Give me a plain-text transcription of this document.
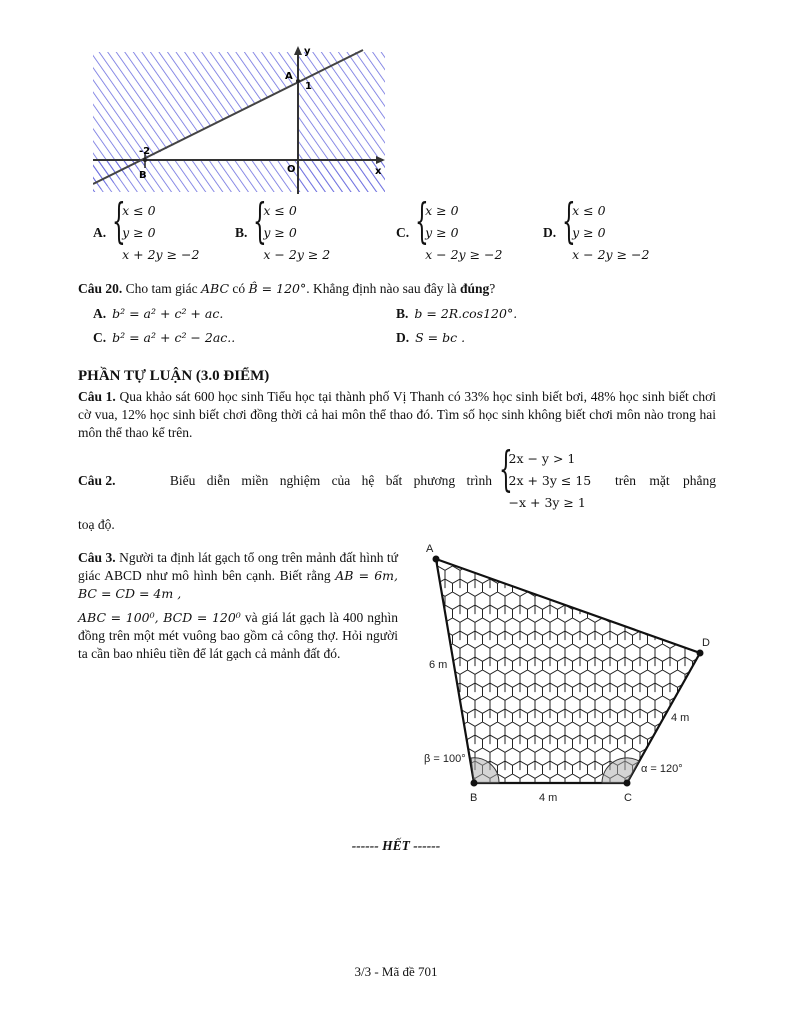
y
A
1
-2
B
O	x
A. {
x ≤ 0
y ≥ 0
x + 2y ≥ −2
B. {
x ≤ 0
y ≥ 0
x − 2y ≥ 2
C. {
x ≥ 0
y ≥ 0
x − 2y ≥ −2
D. {
x ≤ 0
y ≥ 0
x − 2y ≥ −2
Câu 20. Cho tam giác ABC có B̂ = 120°. Khẳng định nào sau đây là đúng?
A. b² = a² + c² + ac.	B. b = 2R.cos120°.
C. b² = a² + c² − 2ac..	D. S = bc .
PHẦN TỰ LUẬN (3.0 ĐIỂM)
Câu 1. Qua khảo sát 600 học sinh Tiểu học tại thành phố Vị Thanh có 33% học sinh biết bơi, 48% học sinh biết chơi cờ vua, 12% học sinh biết chơi đồng thời cả hai môn thể thao đó. Tìm số học sinh không biết chơi môn nào trong hai môn thể thao kể trên.
Câu 2.	Biểu diễn miền nghiệm của hệ bất phương trình {
2x − y > 1
2x + 3y ≤ 15
−x + 3y ≥ 1
trên mặt phẳng
toạ độ.
Câu 3. Người ta định lát gạch tổ ong trên mảnh đất hình tứ giác ABCD như mô hình bên cạnh. Biết rằng AB = 6m, BC = CD = 4m ,
ABC = 100⁰, BCD = 120⁰ và giá lát gạch là 400 nghìn đồng trên một mét vuông bao gồm cả công thợ. Hỏi người ta cần bao nhiêu tiền để lát gạch cả mảnh đất đó.
A
B	C
D
6 m
4 m
4 m
β = 100°
α = 120°
------ HẾT ------
3/3 - Mã đề 701
